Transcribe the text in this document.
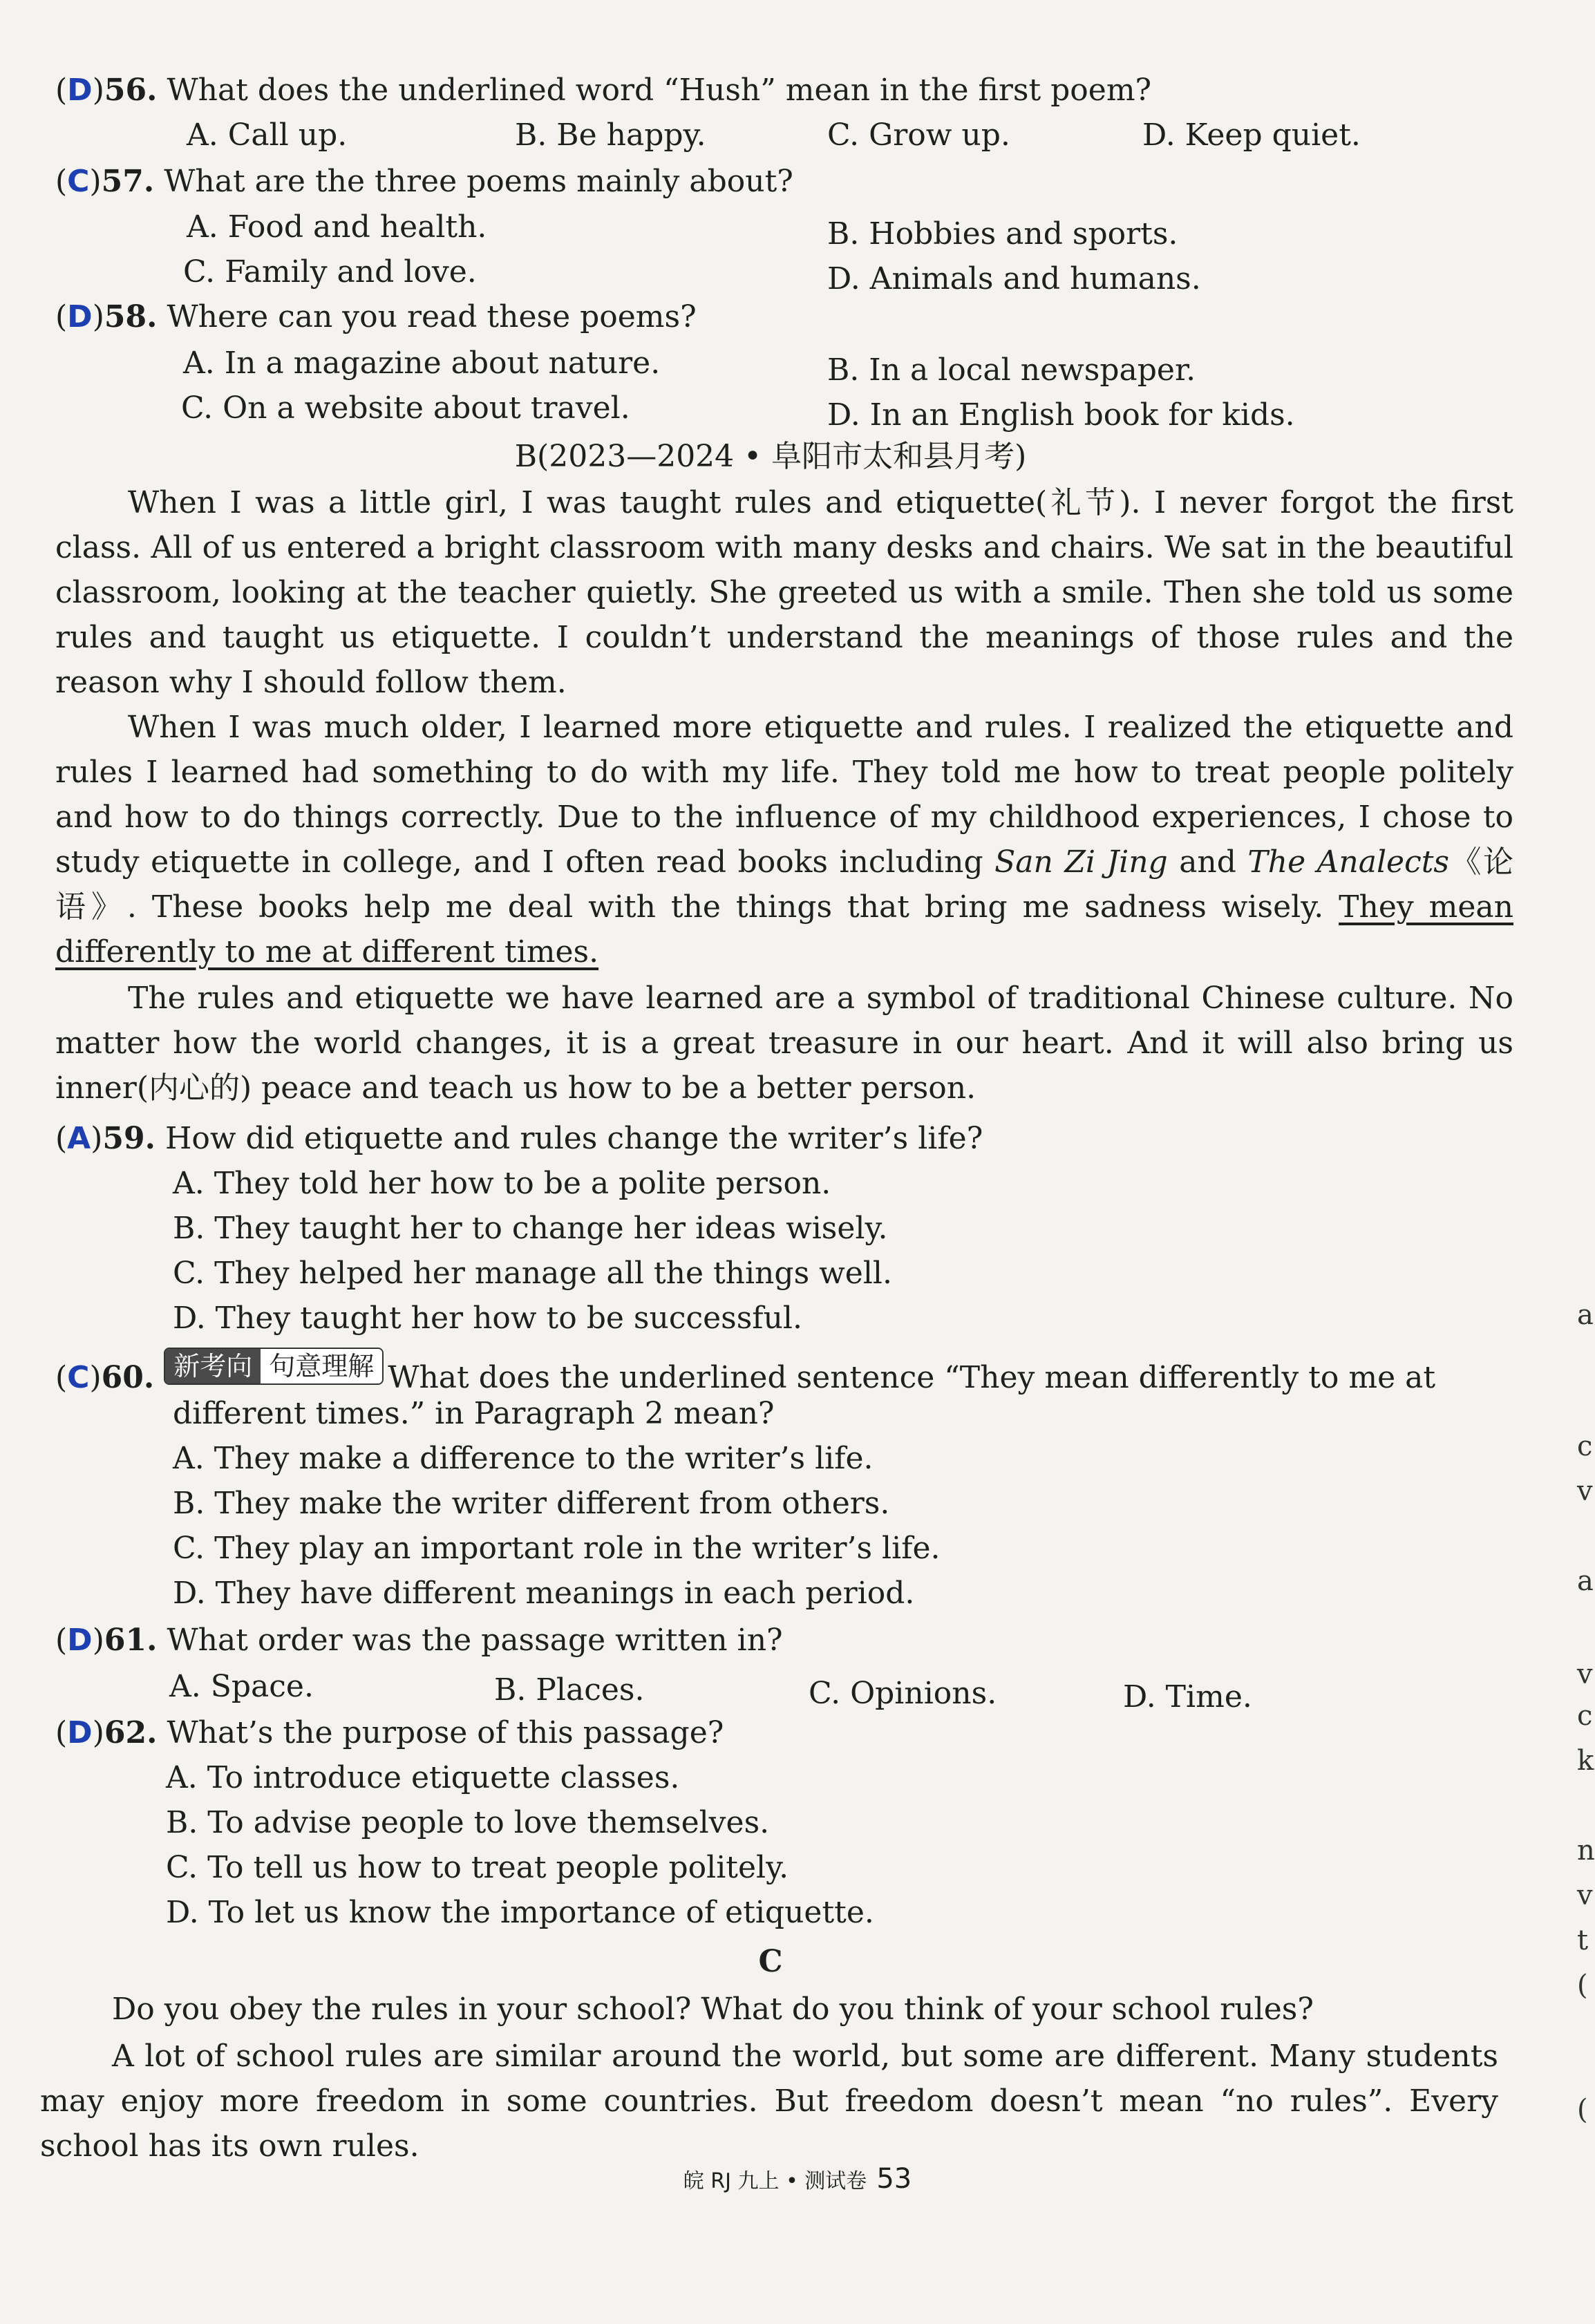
(D)56. What does the underlined word “Hush” mean in the first poem?
A. Call up.	B. Be happy.	C. Grow up.	D. Keep quiet.
(C)57. What are the three poems mainly about?
A. Food and health.	B. Hobbies and sports.
C. Family and love.	D. Animals and humans.
(D)58. Where can you read these poems?
A. In a magazine about nature.	B. In a local newspaper.
C. On a website about travel.	D. In an English book for kids.
B(2023—2024 • 阜阳市太和县月考)
When I was a little girl, I was taught rules and etiquette(礼节). I never forgot the first class. All of us entered a bright classroom with many desks and chairs. We sat in the beautiful classroom, looking at the teacher quietly. She greeted us with a smile. Then she told us some rules and taught us etiquette. I couldn’t understand the meanings of those rules and the reason why I should follow them.
When I was much older, I learned more etiquette and rules. I realized the etiquette and rules I learned had something to do with my life. They told me how to treat people politely and how to do things correctly. Due to the influence of my childhood experiences, I chose to study etiquette in college, and I often read books including San Zi Jing and The Analects《论语》. These books help me deal with the things that bring me sadness wisely. They mean differently to me at different times.
The rules and etiquette we have learned are a symbol of traditional Chinese culture. No matter how the world changes, it is a great treasure in our heart. And it will also bring us inner(内心的) peace and teach us how to be a better person.
(A)59. How did etiquette and rules change the writer’s life?
A. They told her how to be a polite person.
B. They taught her to change her ideas wisely.
C. They helped her manage all the things well.
D. They taught her how to be successful.
(C)60. 新考向 句意理解 What does the underlined sentence “They mean differently to me at
different times.” in Paragraph 2 mean?
A. They make a difference to the writer’s life.
B. They make the writer different from others.
C. They play an important role in the writer’s life.
D. They have different meanings in each period.
(D)61. What order was the passage written in?
A. Space.	B. Places.	C. Opinions.	D. Time.
(D)62. What’s the purpose of this passage?
A. To introduce etiquette classes.
B. To advise people to love themselves.
C. To tell us how to treat people politely.
D. To let us know the importance of etiquette.
C
Do you obey the rules in your school? What do you think of your school rules?
A lot of school rules are similar around the world, but some are different. Many students may enjoy more freedom in some countries. But freedom doesn’t mean “no rules”. Every school has its own rules.
皖 RJ 九上 • 测试卷 53
a
c
v
a
v
c
k
n
v
t
(
(
